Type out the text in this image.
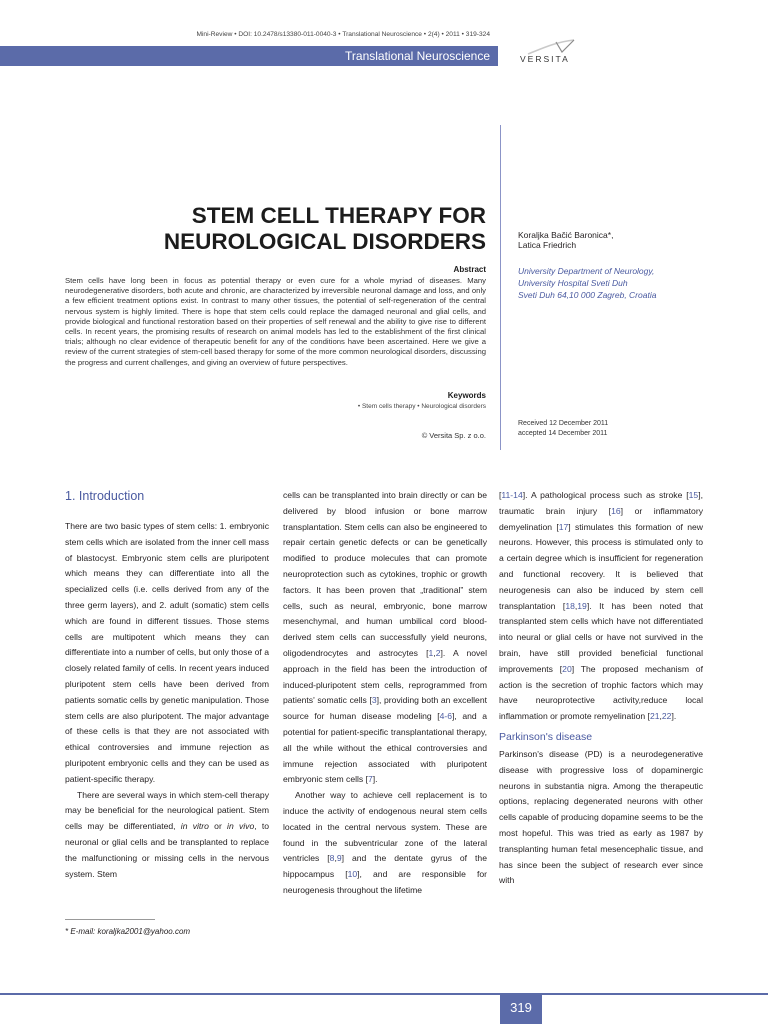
Mini-Review • DOI: 10.2478/s13380-011-0040-3 • Translational Neuroscience • 2(4) • 2011 • 319-324
Translational Neuroscience	VERSITA
STEM CELL THERAPY FOR
NEUROLOGICAL DISORDERS	Koraljka Bačić Baronica*,
Latica Friedrich
University Department of Neurology,
University Hospital Sveti Duh
Sveti Duh 64,10 000 Zagreb, Croatia
Abstract
Stem cells have long been in focus as potential therapy or even cure for a whole myriad of diseases. Many neurodegenerative disorders, both acute and chronic, are characterized by irreversible neuronal damage and loss, and only a few efficient treatment options exist. In contrast to many other tissues, the potential of self-regeneration of the central nervous system is highly limited. There is hope that stem cells could replace the damaged neuronal and glial cells, and provide biological and functional restoration based on their properties of self renewal and the ability to give rise to different cells. In recent years, the promising results of research on animal models has led to the establishment of the first clinical trials; although no clear evidence of therapeutic benefit for any of the conditions have been ascertained. Here we give a review of the current strategies of stem-cell based therapy for some of the more common neurological disorders, discussing the progress and current challenges, and giving an overview of future perspectives.
Keywords
• Stem cells therapy • Neurological disorders
Received 12 December 2011
accepted 14 December 2011
© Versita Sp. z o.o.
1. Introduction

There are two basic types of stem cells: 1. embryonic stem cells which are isolated from the inner cell mass of blastocyst. Embryonic stem cells are pluripotent which means they can differentiate into all the specialized cells (i.e. cells derived from any of the three germ layers), and 2. adult (somatic) stem cells which are found in different tissues. Those stems cells are multipotent which means they can differentiate into a number of cells, but only those of a closely related family of cells. In recent years induced pluripotent stem cells have been derived from patients somatic cells by genetic manipulation. Those stem cells are also pluripotent. The major advantage of these cells is that they are not associated with ethical controversies and immune rejection as pluripotent embryonic cells and they can be used as patient-specific therapy.

There are several ways in which stem-cell therapy may be beneficial for the neurological patient. Stem cells may be differentiated, in vitro or in vivo, to neuronal or glial cells and be transplanted to replace the malfunctioning or missing cells in the nervous system. Stem

cells can be transplanted into brain directly or can be delivered by blood infusion or bone marrow transplantation. Stem cells can also be engineered to repair certain genetic defects or can be genetically modified to produce molecules that can promote neuroprotection such as cytokines, trophic or growth factors. It has been proven that „traditional” stem cells, such as neural, embryonic, bone marrow mesenchymal, and human umbilical cord blood-derived stem cells can successfully yield neurons, oligodendrocytes and astrocytes [1,2]. A novel approach in the field has been the introduction of induced-pluripotent stem cells, reprogrammed from patients' somatic cells [3], providing both an excellent source for human disease modeling [4-6], and a potential for patient-specific transplantational therapy, all the while without the ethical controversies and immune rejection associated with pluripotent embryonic stem cells [7].

Another way to achieve cell replacement is to induce the activity of endogenous neural stem cells located in the central nervous system. These are found in the subventricular zone of the lateral ventricles [8,9] and the dentate gyrus of the hippocampus [10], and are responsible for neurogenesis throughout the lifetime

[11-14]. A pathological process such as stroke [15], traumatic brain injury [16] or inflammatory demyelination [17] stimulates this formation of new neurons. However, this process is stimulated only to a certain degree which is insufficient for regeneration and functional recovery. It is believed that neurogenesis can also be induced by stem cell transplantation [18,19]. It has been noted that transplanted stem cells which have not differentiated into neural or glial cells or have not survived in the brain, have still provided beneficial functional improvements [20] The proposed mechanism of action is the secretion of trophic factors which may have neuroprotective activity,reduce local inflammation or promote remyelination [21,22].

Parkinson's disease

Parkinson's disease (PD) is a neurodegenerative disease with progressive loss of dopaminergic neurons in substantia nigra. Among the therapeutic options, replacing degenerated neurons with other cells capable of producing dopamine seems to be the most hopeful. This was tried as early as 1987 by transplanting human fetal mesencephalic tissue, and has since been the subject of research ever since with

* E-mail: koraljka2001@yahoo.com
319
